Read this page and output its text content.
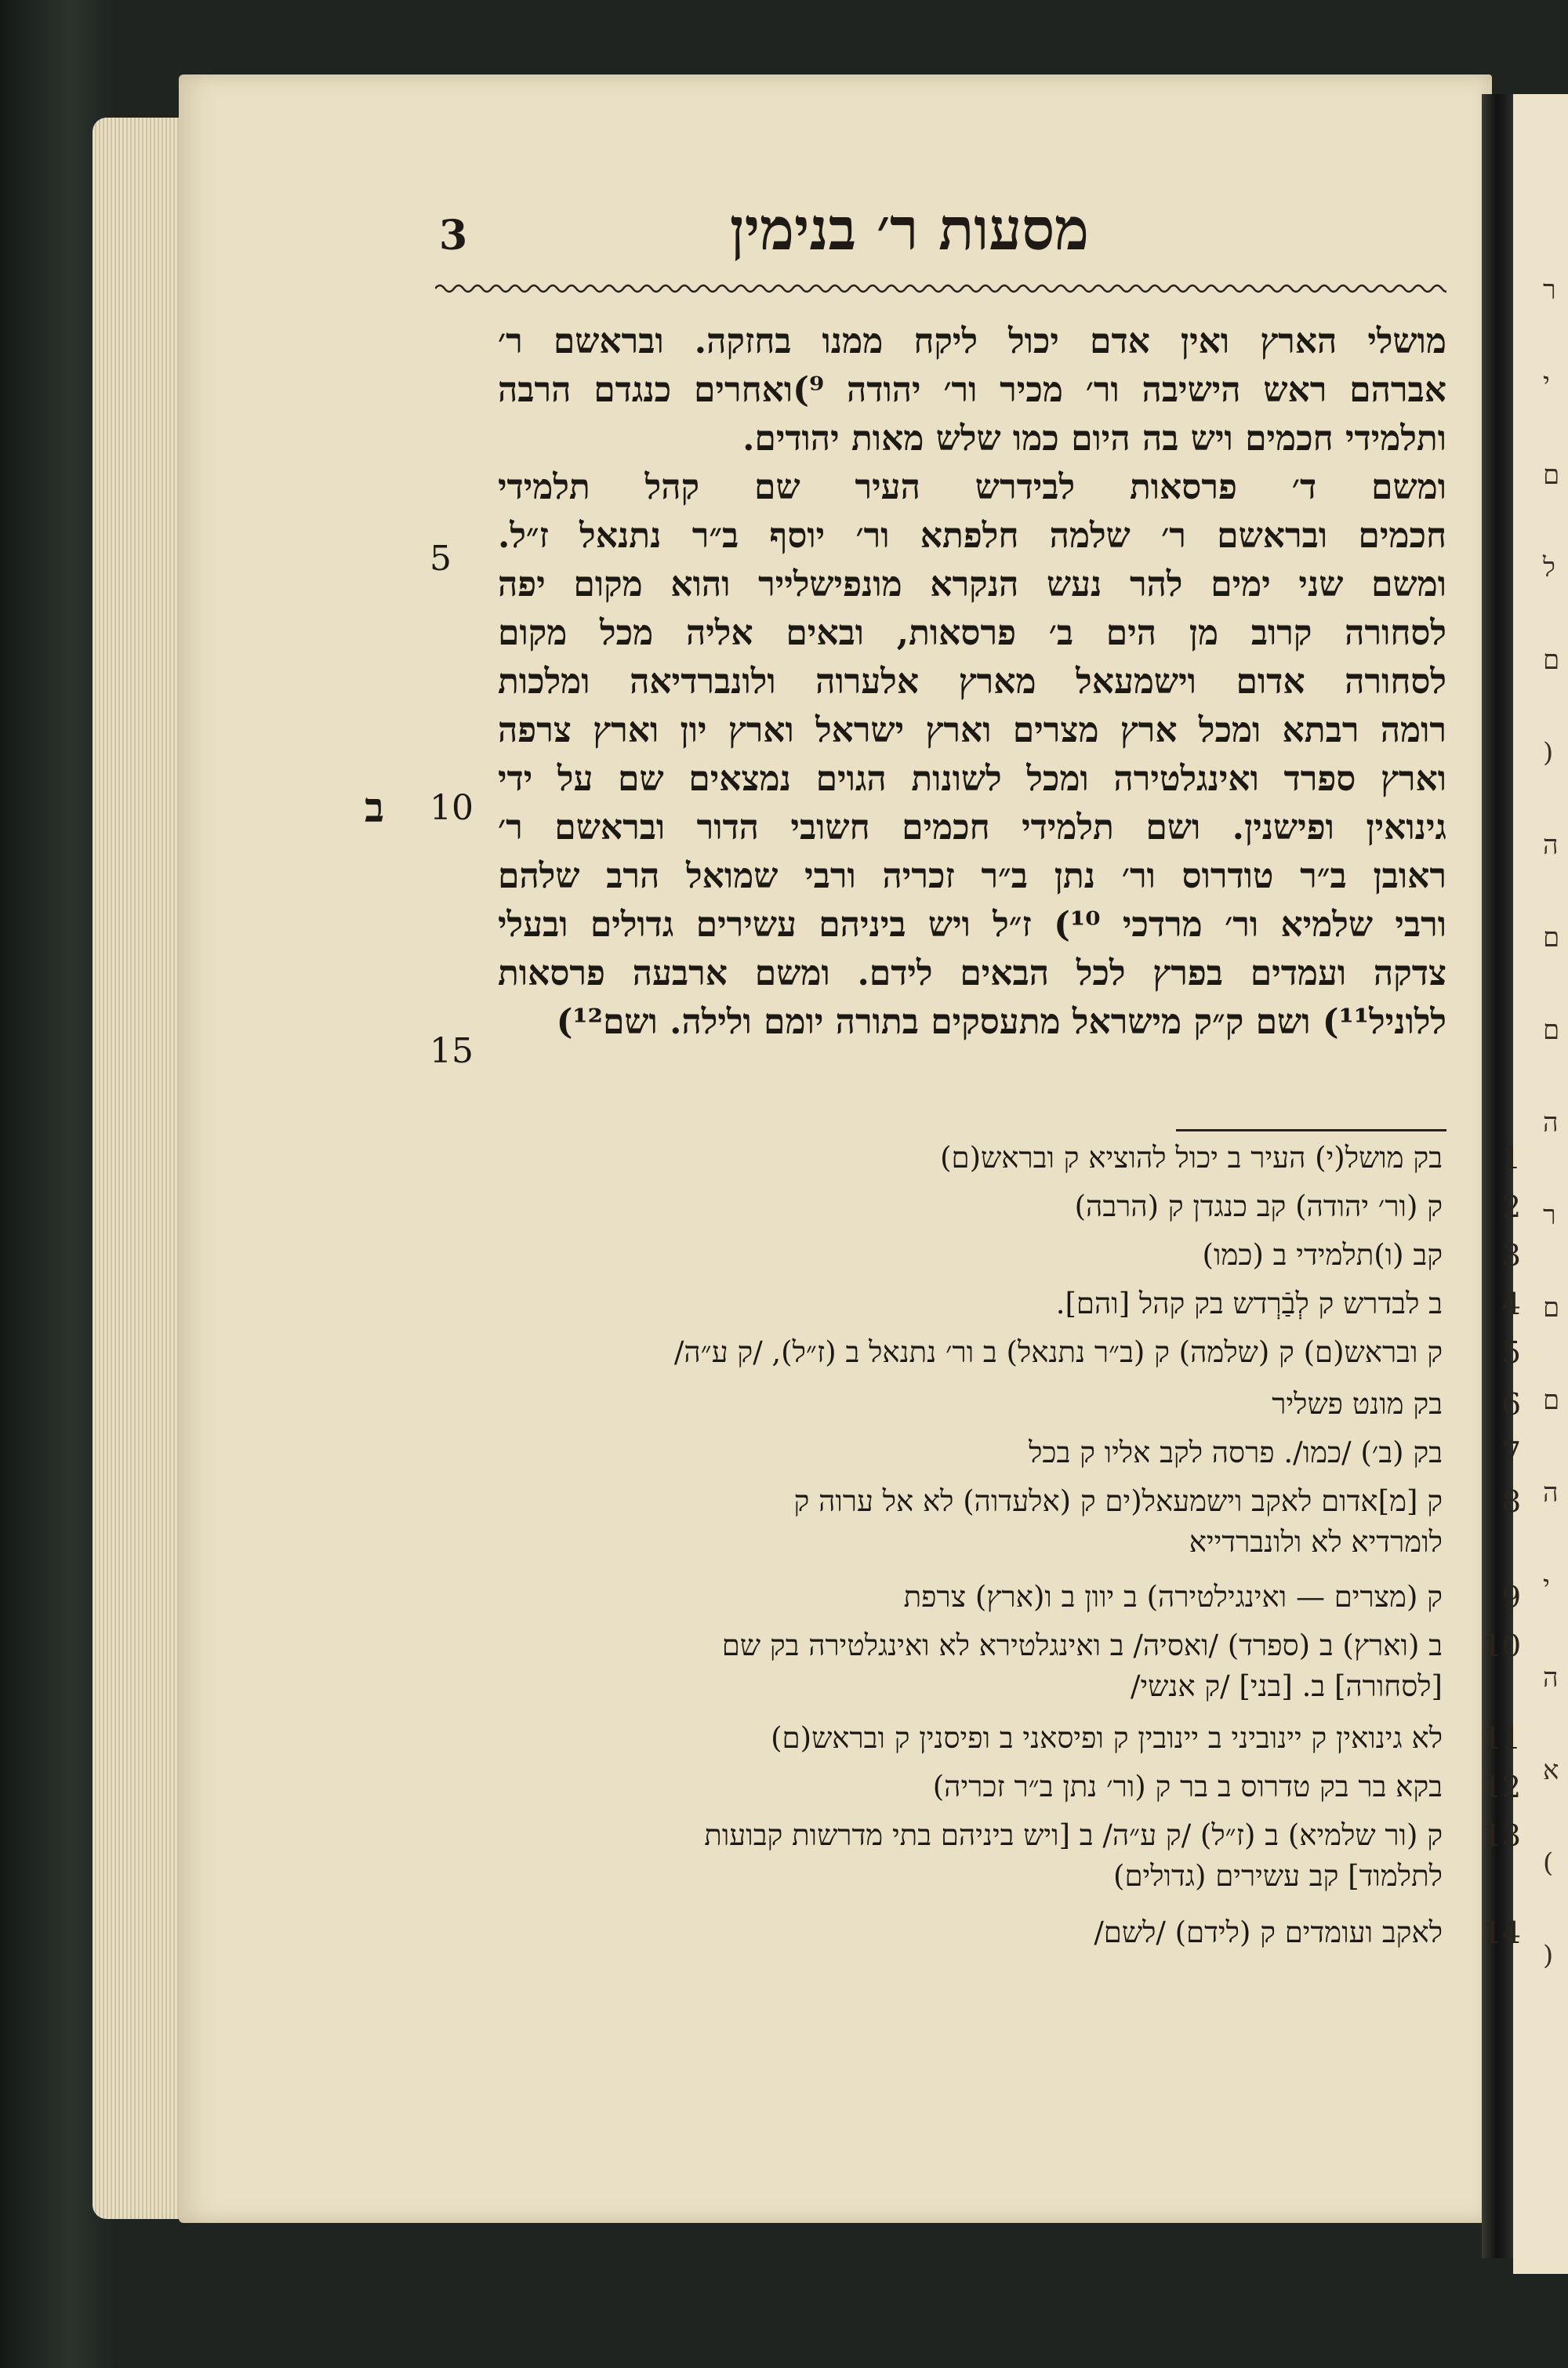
ר
י
ם
ל
ם
)
ה
ם
ם
ה
ר
ם
ם
ה
י
ה
א
(
)
מסעות ר׳ בנימין
3
מושלי הארץ ואין אדם יכול ליקח ממנו בחזקה. ובראשם ר׳
אברהם ראש הישיבה ור׳ מכיר ור׳ יהודה ⁹)ואחרים כנגדם הרבה
ותלמידי חכמים ויש בה היום כמו שלש מאות יהודים.
ומשם ד׳ פרסאות לבידרש העיר שם קהל תלמידי
חכמים ובראשם ר׳ שלמה חלפתא ור׳ יוסף ב״ר נתנאל ז״ל.
ומשם שני ימים להר נעש הנקרא מונפישלייר והוא מקום יפה
לסחורה קרוב מן הים ב׳ פרסאות, ובאים אליה מכל מקום
לסחורה אדום וישמעאל מארץ אלערוה ולונברדיאה ומלכות
רומה רבתא ומכל ארץ מצרים וארץ ישראל וארץ יון וארץ צרפה
וארץ ספרד ואינגלטירה ומכל לשונות הגוים נמצאים שם על ידי
גינואין ופישנין. ושם תלמידי חכמים חשובי הדור ובראשם ר׳
ראובן ב״ר טודרוס ור׳ נתן ב״ר זכריה ורבי שמואל הרב שלהם
ורבי שלמיא ור׳ מרדכי ¹⁰) ז״ל ויש ביניהם עשירים גדולים ובעלי
צדקה ועמדים בפרץ לכל הבאים לידם. ומשם ארבעה פרסאות
ללוניל¹¹) ושם ק״ק מישראל מתעסקים בתורה יומם ולילה. ושם¹²)
5
10
ב
15
1
בק מושל(י) העיר ב יכול להוציא ק ובראש(ם)
2
ק (ור׳ יהודה) קב כנגדן ק (הרבה)
3
קב (ו)תלמידי ב (כמו)
4
ב לבדרש ק לְבַֿרְדש בק קהל [והם].
5
ק ובראש(ם) ק (שלמה) ק (ב״ר נתנאל) ב ור׳ נתנאל ב (ז״ל), /ק ע״ה/
6
בק מונט פשליר
7
בק (ב׳) /כמו/. פרסה לקב אליו ק בכל
8
ק [מ]אדום לאקב וישמעאל(ים ק (אלעדוה) לא אל ערוה ק
לומרדיא לא ולונברדייא
9
ק (מצרים — ואינגילטירה) ב יוון ב ו(ארץ) צרפת
10
ב (וארץ) ב (ספרד) /ואסיה/ ב ואינגלטירא לא ואינגלטירה בק שם
[לסחורה] ב. [בני] /ק אנשי/
11
לא גינואין ק יינוביני ב יינובין ק ופיסאני ב ופיסנין ק ובראש(ם)
12
בקא בר בק טדרוס ב בר ק (ור׳ נתן ב״ר זכריה)
13
ק (ור שלמיא) ב (ז״ל) /ק ע״ה/ ב [ויש ביניהם בתי מדרשות קבועות
לתלמוד] קב עשירים (גדולים)
14
לאקב ועומדים ק (לידם) /לשם/
